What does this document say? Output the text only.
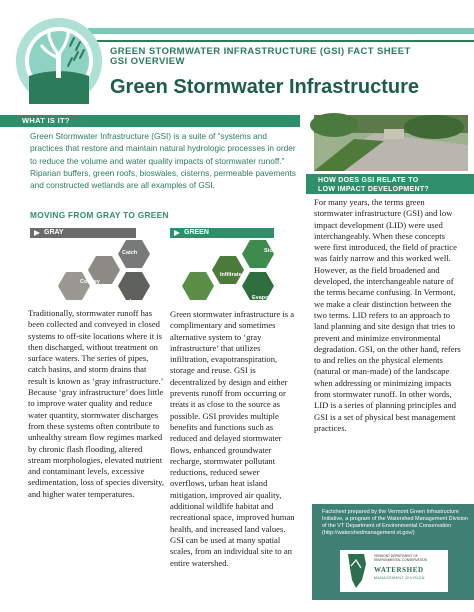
GREEN STORMWATER INFRASTRUCTURE (GSI) FACT SHEET
GSI OVERVIEW
Green Stormwater Infrastructure
WHAT IS IT?

Green Stormwater Infrastructure (GSI) is a suite of “systems and practices that restore and maintain natural hydrologic processes in order to reduce the volume and water quality impacts of stormwater runoff.” Riparian buffers, green roofs, bioswales, cisterns, permeable pavements and constructed wetlands are all examples of GSI.

MOVING FROM GRAY TO GREEN
GRAY	GREEN
Catch
Convey
Discharge
Store and Reuse
Infiltrate
Evapotranspire

Traditionally, stormwater runoff has been collected and conveyed in closed systems to off-site locations where it is then discharged, without treatment on surface waters. The series of pipes, catch basins, and storm drains that result is known as ‘gray infrastructure.’ Because ‘gray infrastructure’ does little to improve water quality and reduce water quantity, stormwater discharges from these systems often contribute to unhealthy stream flow regimes marked by chronic flash flooding, altered stream morphologies, elevated nutrient and contaminant levels, excessive sedimentation, loss of species diversity, and higher water temperatures.

Green stormwater infrastructure is a complimentary and sometimes alternative system to ‘gray infrastructure’ that utilizes infiltration, evapotranspiration, storage and reuse. GSI is decentralized by design and either prevents runoff from occurring or treats it as close to the source as possible. GSI provides multiple benefits and functions such as reduced and delayed stormwater flows, enhanced groundwater recharge, stormwater pollutant reductions, reduced sewer overflows, urban heat island mitigation, improved air quality, additional wildlife habitat and recreational space, improved human health, and increased land values. GSI can be used at many spatial scales, from an individual site to an entire watershed.

HOW DOES GSI RELATE TO
LOW IMPACT DEVELOPMENT?

For many years, the terms green stormwater infrastructure (GSI) and low impact development (LID) were used interchangeably. When these concepts were first introduced, the field of practice was fairly narrow and this worked well. However, as the field broadened and developed, the interchangeable nature of the terms became confusing. In Vermont, we make a clear distinction between the two terms. LID refers to an approach to land planning and site design that tries to prevent and minimize environmental degradation. GSI, on the other hand, refers to and relies on the physical elements (natural or man-made) of the landscape when addressing or minimizing impacts from stormwater runoff. In other words, LID is a series of planning principles and GSI is a set of physical best management practices.

Factsheet prepared by the Vermont Green Infrastructure Initiative, a program of the Watershed Management Division of the VT Department of Environmental Conservation (http://watershedmanagement.vt.gov/)

VERMONT DEPARTMENT OF ENVIRONMENTAL CONSERVATION
WATERSHED
MANAGEMENT DIVISION
